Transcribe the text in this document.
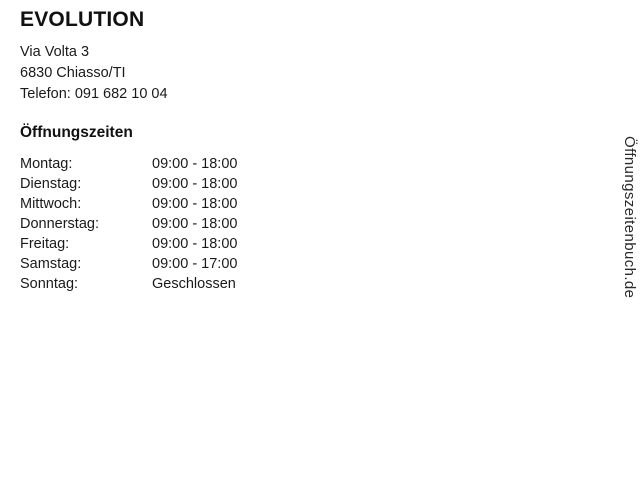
EVOLUTION
Via Volta 3
6830 Chiasso/TI
Telefon: 091 682 10 04
Öffnungszeiten
Montag:	09:00 - 18:00
Dienstag:	09:00 - 18:00
Mittwoch:	09:00 - 18:00
Donnerstag:	09:00 - 18:00
Freitag:	09:00 - 18:00
Samstag:	09:00 - 17:00
Sonntag:	Geschlossen	Öffnungszeitenbuch.de
